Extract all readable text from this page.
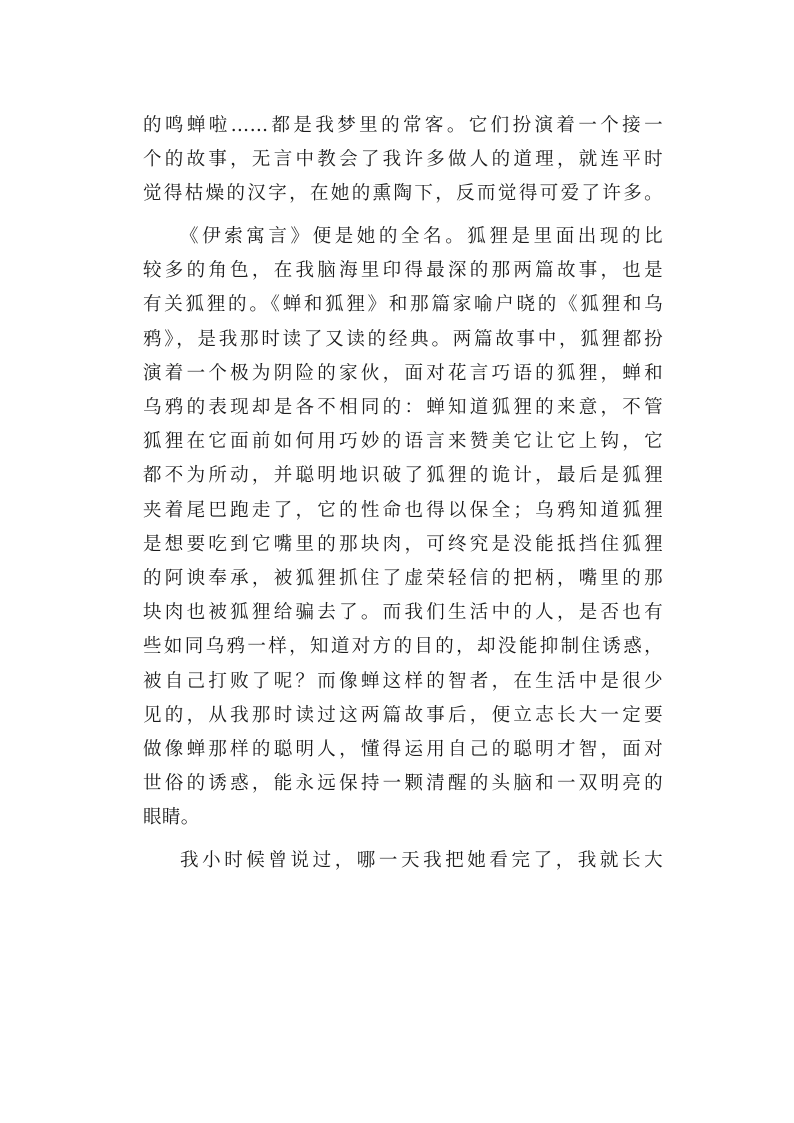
的鸣蝉啦……都是我梦里的常客。它们扮演着一个接一
个的故事，无言中教会了我许多做人的道理，就连平时
觉得枯燥的汉字，在她的熏陶下，反而觉得可爱了许多。
《伊索寓言》便是她的全名。狐狸是里面出现的比
较多的角色，在我脑海里印得最深的那两篇故事，也是
有关狐狸的。《蝉和狐狸》和那篇家喻户晓的《狐狸和乌
鸦》，是我那时读了又读的经典。两篇故事中，狐狸都扮
演着一个极为阴险的家伙，面对花言巧语的狐狸，蝉和
乌鸦的表现却是各不相同的：蝉知道狐狸的来意，不管
狐狸在它面前如何用巧妙的语言来赞美它让它上钩，它
都不为所动，并聪明地识破了狐狸的诡计，最后是狐狸
夹着尾巴跑走了，它的性命也得以保全；乌鸦知道狐狸
是想要吃到它嘴里的那块肉，可终究是没能抵挡住狐狸
的阿谀奉承，被狐狸抓住了虚荣轻信的把柄，嘴里的那
块肉也被狐狸给骗去了。而我们生活中的人，是否也有
些如同乌鸦一样，知道对方的目的，却没能抑制住诱惑，
被自己打败了呢？而像蝉这样的智者，在生活中是很少
见的，从我那时读过这两篇故事后，便立志长大一定要
做像蝉那样的聪明人，懂得运用自己的聪明才智，面对
世俗的诱惑，能永远保持一颗清醒的头脑和一双明亮的
眼睛。
我小时候曾说过，哪一天我把她看完了，我就长大
